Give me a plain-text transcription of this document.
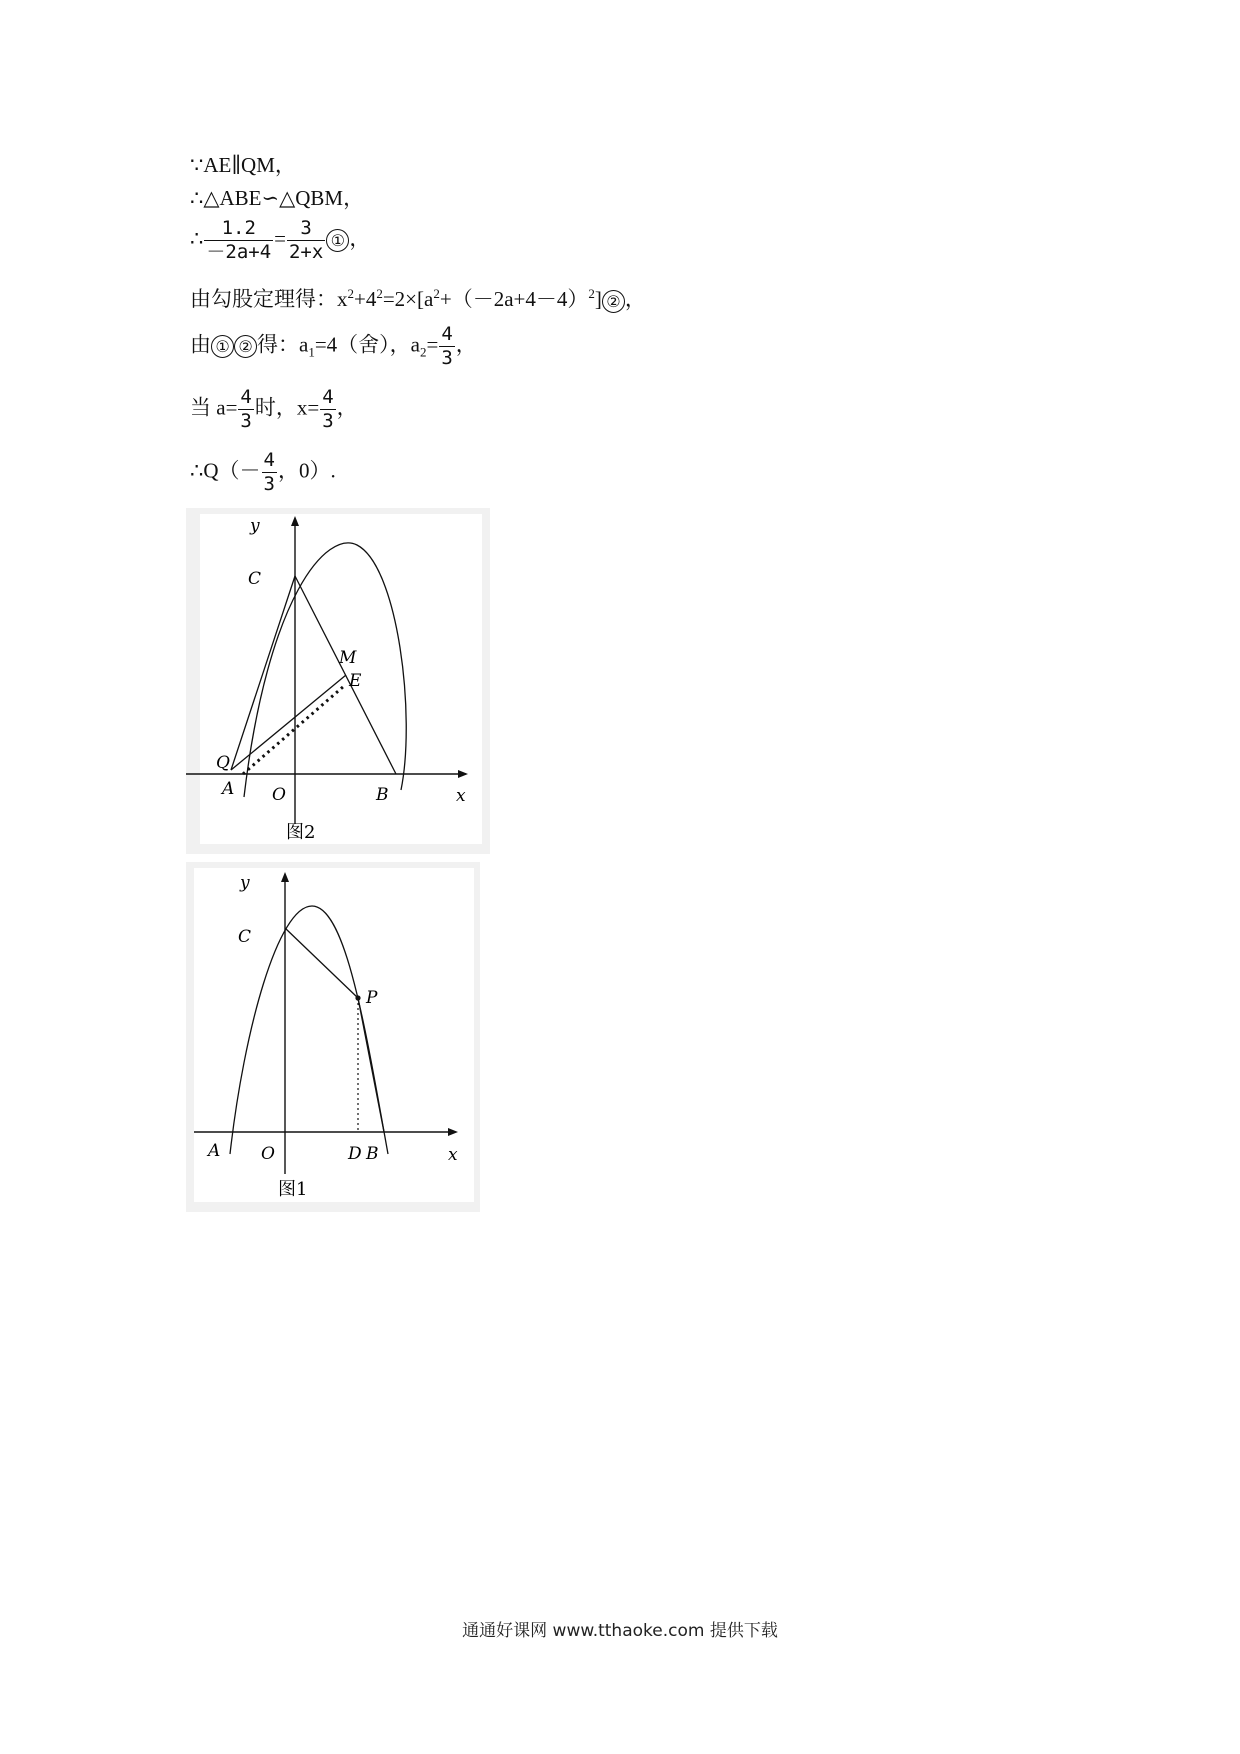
∵AE∥QM，
∴△ABE∽△QBM，
∴ $\frac{1.2}{-2a+4} = \frac{3}{2+x}$ ① ，
由勾股定理得：$x^2+4^2=2\times[a^2+(-2a+4-4)^2]$ ② ，
由 ① ② 得：$a_1=4$（舍），$a_2= \frac{4}{3}$ ，
当 $a= \frac{4}{3}$ 时，$x= \frac{4}{3}$ ，
∴Q（－ $\frac{4}{3}$ ，0）.
y
x
C
M
E
Q
A O	B
图2
y
x
C
P
A O	D B
图1
通通好课网 www.tthaoke.com 提供下载
